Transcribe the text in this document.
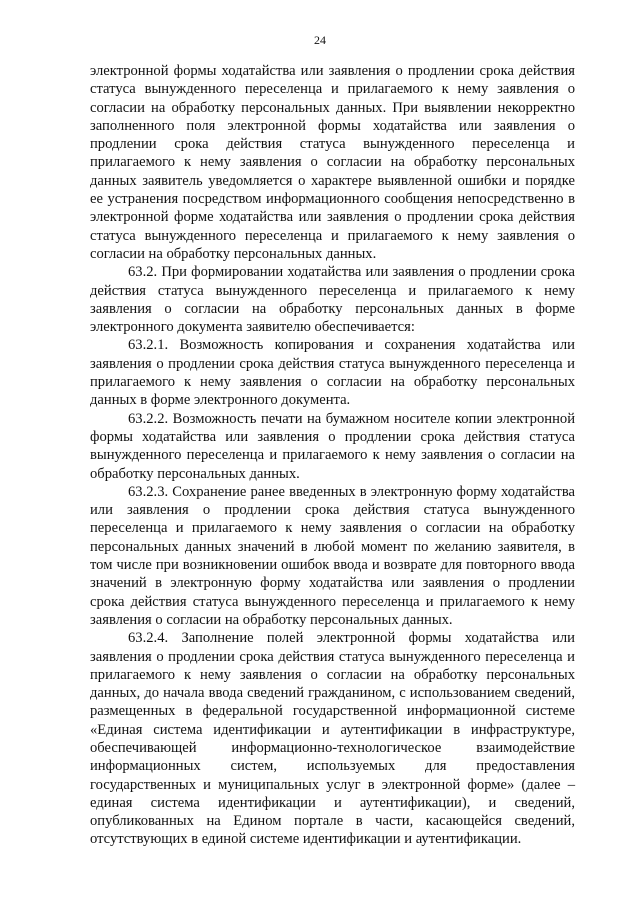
24

электронной формы ходатайства или заявления о продлении срока действия статуса вынужденного переселенца и прилагаемого к нему заявления о согласии на обработку персональных данных. При выявлении некорректно заполненного поля электронной формы ходатайства или заявления о продлении срока действия статуса вынужденного переселенца и прилагаемого к нему заявления о согласии на обработку персональных данных заявитель уведомляется о характере выявленной ошибки и порядке ее устранения посредством информационного сообщения непосредственно в электронной форме ходатайства или заявления о продлении срока действия статуса вынужденного переселенца и прилагаемого к нему заявления о согласии на обработку персональных данных.

63.2. При формировании ходатайства или заявления о продлении срока действия статуса вынужденного переселенца и прилагаемого к нему заявления о согласии на обработку персональных данных в форме электронного документа заявителю обеспечивается:

63.2.1. Возможность копирования и сохранения ходатайства или заявления о продлении срока действия статуса вынужденного переселенца и прилагаемого к нему заявления о согласии на обработку персональных данных в форме электронного документа.

63.2.2. Возможность печати на бумажном носителе копии электронной формы ходатайства или заявления о продлении срока действия статуса вынужденного переселенца и прилагаемого к нему заявления о согласии на обработку персональных данных.

63.2.3. Сохранение ранее введенных в электронную форму ходатайства или заявления о продлении срока действия статуса вынужденного переселенца и прилагаемого к нему заявления о согласии на обработку персональных данных значений в любой момент по желанию заявителя, в том числе при возникновении ошибок ввода и возврате для повторного ввода значений в электронную форму ходатайства или заявления о продлении срока действия статуса вынужденного переселенца и прилагаемого к нему заявления о согласии на обработку персональных данных.

63.2.4. Заполнение полей электронной формы ходатайства или заявления о продлении срока действия статуса вынужденного переселенца и прилагаемого к нему заявления о согласии на обработку персональных данных, до начала ввода сведений гражданином, с использованием сведений, размещенных в федеральной государственной информационной системе «Единая система идентификации и аутентификации в инфраструктуре, обеспечивающей информационно-технологическое взаимодействие информационных систем, используемых для предоставления государственных и муниципальных услуг в электронной форме» (далее – единая система идентификации и аутентификации), и сведений, опубликованных на Едином портале в части, касающейся сведений, отсутствующих в единой системе идентификации и аутентификации.
